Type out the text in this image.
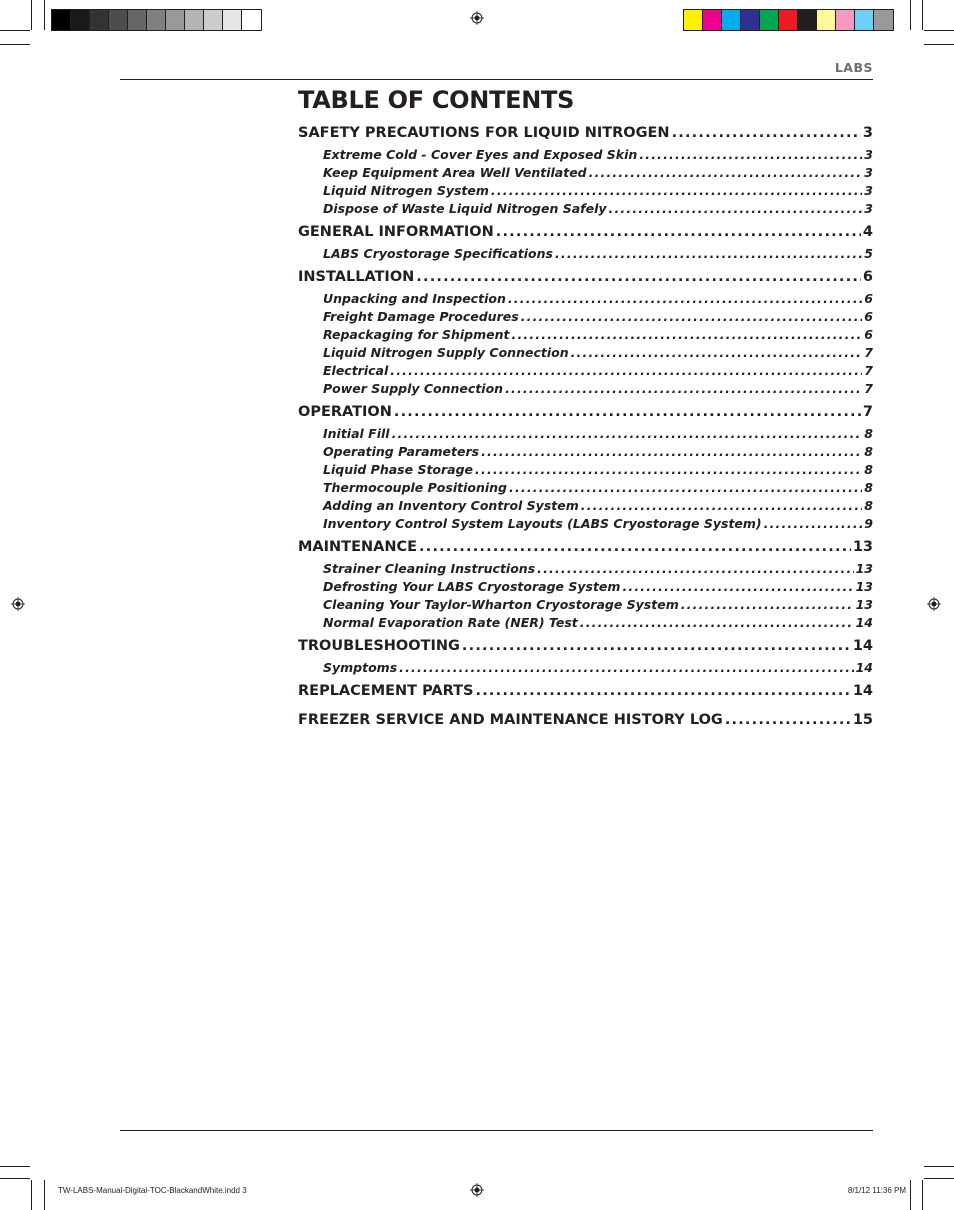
LABS
TABLE OF CONTENTS
SAFETY PRECAUTIONS FOR LIQUID NITROGEN .....	3
Extreme Cold - Cover Eyes and Exposed Skin .....	3
Keep Equipment Area Well Ventilated .....	3
Liquid Nitrogen System .....	3
Dispose of Waste Liquid Nitrogen Safely .....	3
GENERAL INFORMATION .....	4
LABS Cryostorage Specifications .....	5
INSTALLATION .....	6
Unpacking and Inspection .....	6
Freight Damage Procedures .....	6
Repackaging for Shipment .....	6
Liquid Nitrogen Supply Connection .....	7
Electrical .....	7
Power Supply Connection .....	7
OPERATION .....	7
Initial Fill .....	8
Operating Parameters .....	8
Liquid Phase Storage .....	8
Thermocouple Positioning .....	8
Adding an Inventory Control System .....	8
Inventory Control System Layouts (LABS Cryostorage System) .....	9
MAINTENANCE .....	13
Strainer Cleaning Instructions .....	13
Defrosting Your LABS Cryostorage System .....	13
Cleaning Your Taylor-Wharton Cryostorage System .....	13
Normal Evaporation Rate (NER) Test .....	14
TROUBLESHOOTING .....	14
Symptoms .....	14
REPLACEMENT PARTS .....	14
FREEZER SERVICE AND MAINTENANCE HISTORY LOG .....	15
TW-LABS-Manual-Digital-TOC-BlackandWhite.indd 3	8/1/12 11:36 PM
